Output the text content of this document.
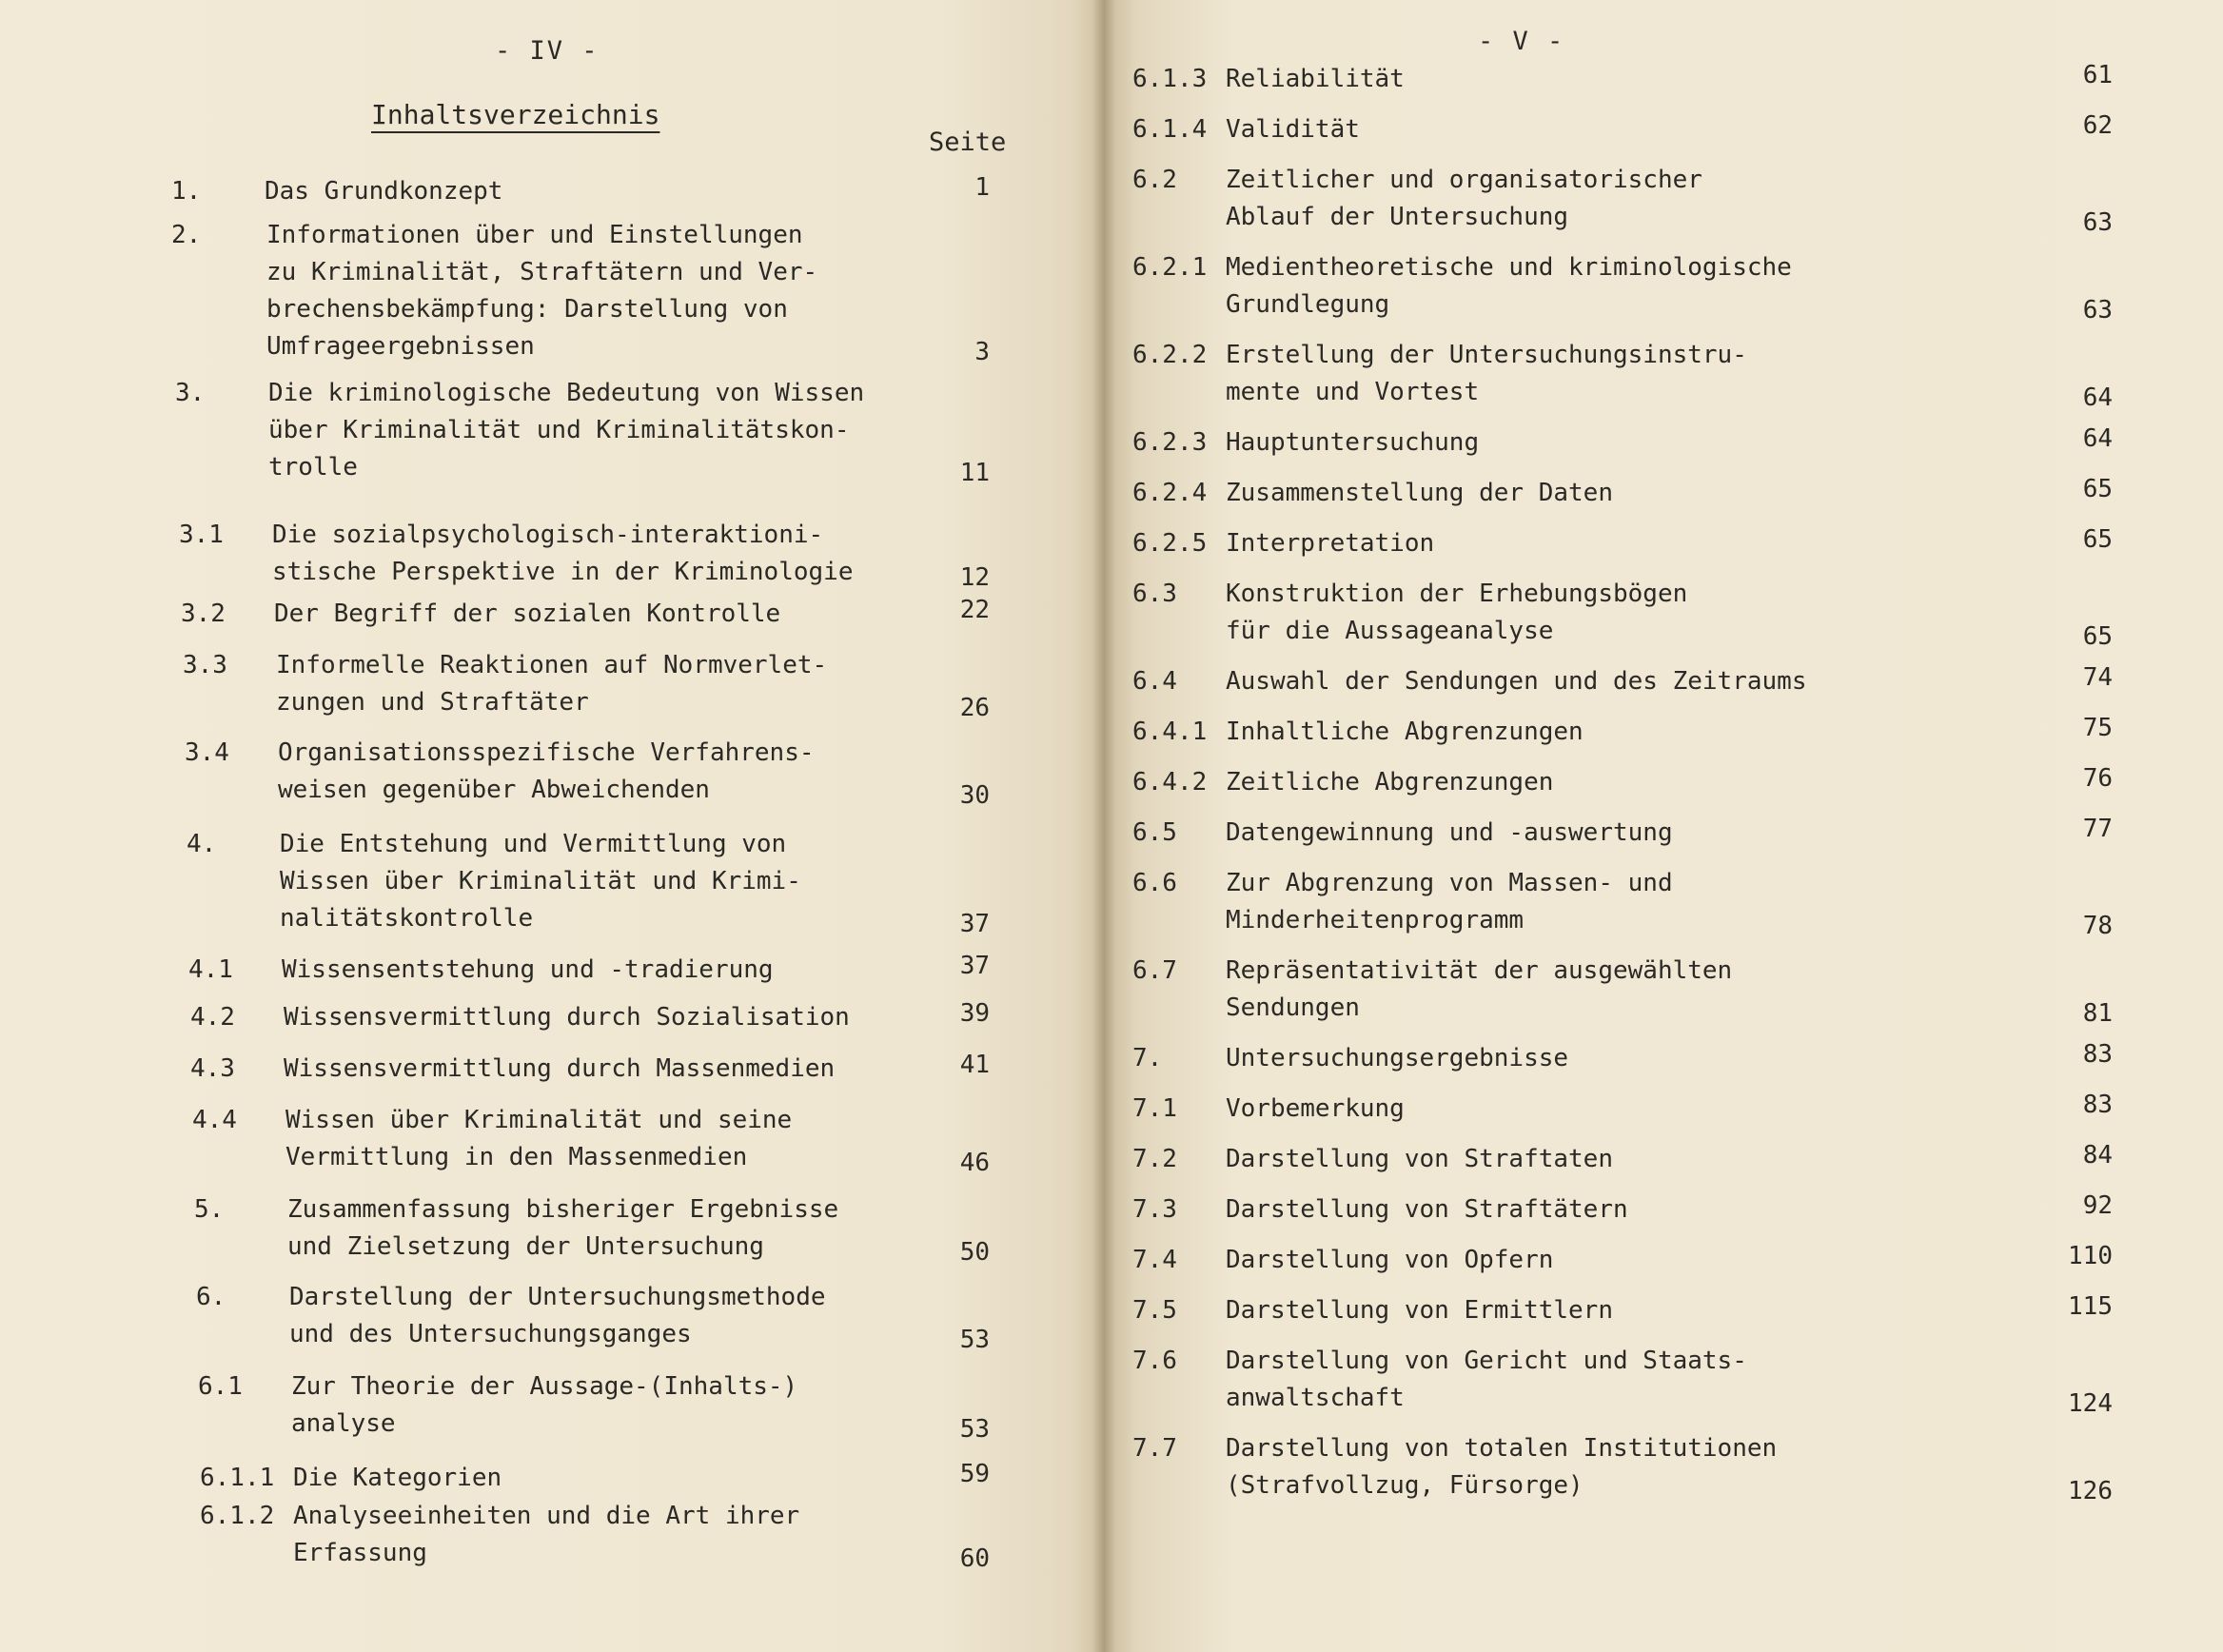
- IV -
Inhaltsverzeichnis
Seite
1.	Das Grundkonzept	1
2.	Informationen über und Einstellungen
zu Kriminalität, Straftätern und Ver-
brechensbekämpfung: Darstellung von
Umfrageergebnissen	3
3.	Die kriminologische Bedeutung von Wissen
über Kriminalität und Kriminalitätskon-
trolle	11
3.1 Die sozialpsychologisch-interaktioni-
stische Perspektive in der Kriminologie	12
3.2 Der Begriff der sozialen Kontrolle	22
3.3 Informelle Reaktionen auf Normverlet-
zungen und Straftäter	26
3.4 Organisationsspezifische Verfahrens-
weisen gegenüber Abweichenden	30
4.	Die Entstehung und Vermittlung von
Wissen über Kriminalität und Krimi-
nalitätskontrolle	37
4.1 Wissensentstehung und -tradierung	37
4.2 Wissensvermittlung durch Sozialisation	39
4.3 Wissensvermittlung durch Massenmedien	41
4.4 Wissen über Kriminalität und seine
Vermittlung in den Massenmedien	46
5.	Zusammenfassung bisheriger Ergebnisse
und Zielsetzung der Untersuchung	50
6.	Darstellung der Untersuchungsmethode
und des Untersuchungsganges	53
6.1 Zur Theorie der Aussage-(Inhalts-)
analyse	53
6.1.1 Die Kategorien	59
6.1.2 Analyseeinheiten und die Art ihrer
Erfassung	60
- V -
6.1.3 Reliabilität	61
6.1.4 Validität	62
6.2 Zeitlicher und organisatorischer
Ablauf der Untersuchung	63
6.2.1 Medientheoretische und kriminologische
Grundlegung	63
6.2.2 Erstellung der Untersuchungsinstru-
mente und Vortest	64
6.2.3 Hauptuntersuchung	64
6.2.4 Zusammenstellung der Daten	65
6.2.5 Interpretation	65
6.3 Konstruktion der Erhebungsbögen
für die Aussageanalyse	65
6.4 Auswahl der Sendungen und des Zeitraums	74
6.4.1 Inhaltliche Abgrenzungen	75
6.4.2 Zeitliche Abgrenzungen	76
6.5 Datengewinnung und -auswertung	77
6.6 Zur Abgrenzung von Massen- und
Minderheitenprogramm	78
6.7 Repräsentativität der ausgewählten
Sendungen	81
7.	Untersuchungsergebnisse	83
7.1 Vorbemerkung	83
7.2 Darstellung von Straftaten	84
7.3 Darstellung von Straftätern	92
7.4 Darstellung von Opfern	110
7.5 Darstellung von Ermittlern	115
7.6 Darstellung von Gericht und Staats-
anwaltschaft	124
7.7 Darstellung von totalen Institutionen
(Strafvollzug, Fürsorge)	126
